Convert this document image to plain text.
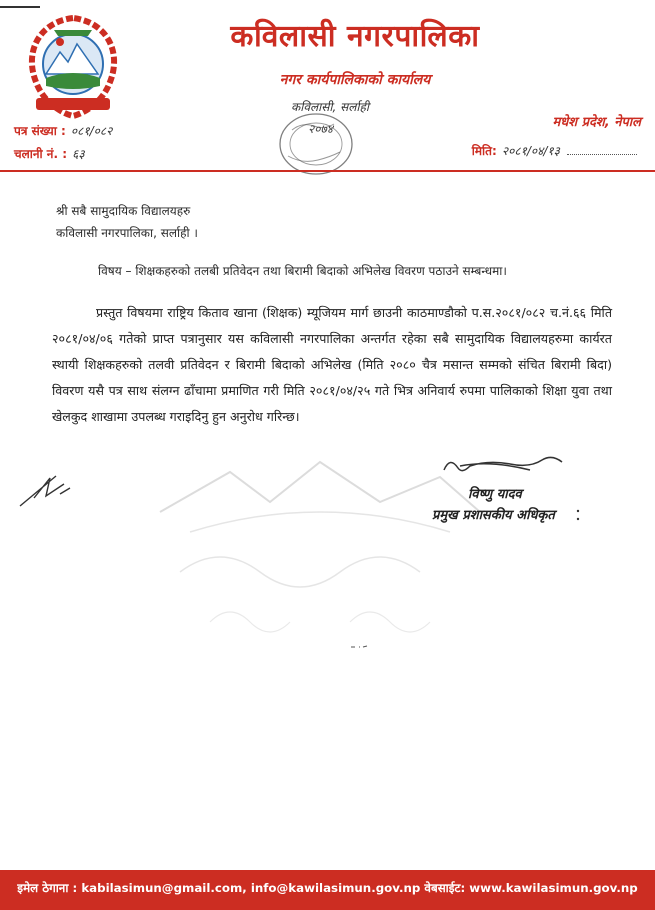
कविलासी नगरपालिका
नगर कार्यपालिकाको कार्यालय
कविलासी, सर्लाही
२०७४
पत्र संख्या : ०८१/०८२
चलानी नं. : ६३
मधेश प्रदेश, नेपाल
मिति: २०८१/०४/१३
श्री सबै सामुदायिक विद्यालयहरु
कविलासी नगरपालिका, सर्लाही ।
विषय – शिक्षकहरुको तलबी प्रतिवेदन तथा बिरामी बिदाको अभिलेख विवरण पठाउने सम्बन्धमा।
प्रस्तुत विषयमा राष्ट्रिय किताव खाना (शिक्षक) म्यूजियम मार्ग छाउनी काठमाण्डौको प.स.२०८१/०८२ च.नं.६६ मिति २०८१/०४/०६ गतेको प्राप्त पत्रानुसार यस कविलासी नगरपालिका अन्तर्गत रहेका सबै सामुदायिक विद्यालयहरुमा कार्यरत स्थायी शिक्षकहरुको तलवी प्रतिवेदन र बिरामी बिदाको अभिलेख (मिति २०८० चैत्र मसान्त सम्मको संचित बिरामी बिदा) विवरण यसै पत्र साथ संलग्न ढाँचामा प्रमाणित गरी मिति २०८१/०४/२५ गते भित्र अनिवार्य रुपमा पालिकाको शिक्षा युवा तथा खेलकुद शाखामा उपलब्ध गराइदिनु हुन अनुरोध गरिन्छ।
विष्णु यादव
प्रमुख प्रशासकीय अधिकृत
इमेल ठेगाना : kabilasimun@gmail.com, info@kawilasimun.gov.np वेबसाईट: www.kawilasimun.gov.np
